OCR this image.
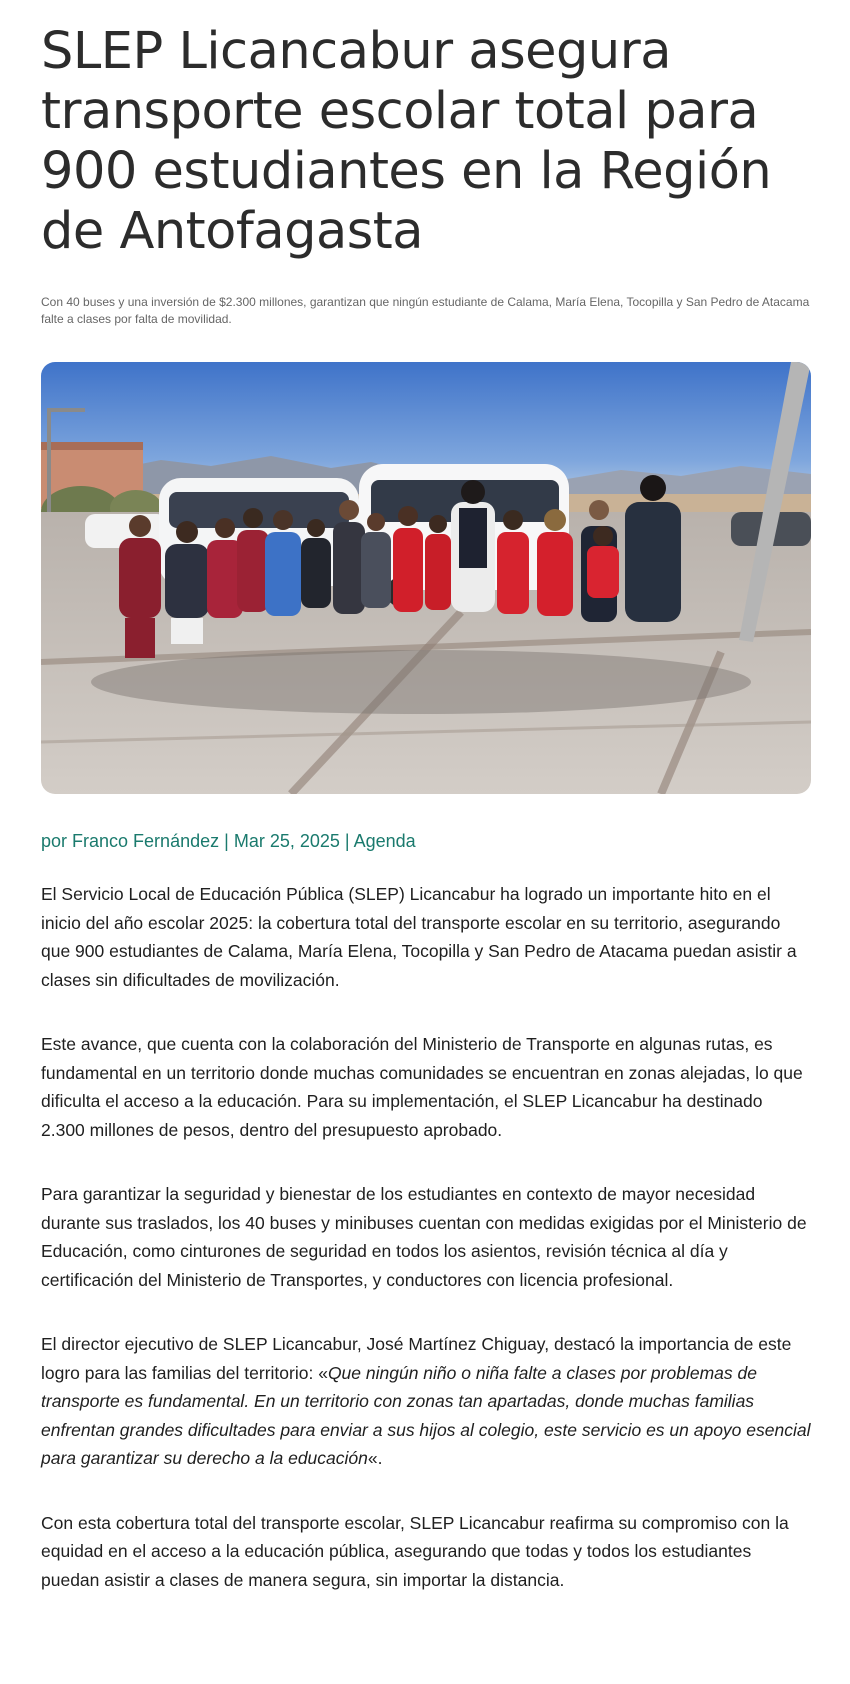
SLEP Licancabur asegura transporte escolar total para 900 estudiantes en la Región de Antofagasta

Con 40 buses y una inversión de $2.300 millones, garantizan que ningún estudiante de Calama, María Elena, Tocopilla y San Pedro de Atacama falte a clases por falta de movilidad.

por Franco Fernández | Mar 25, 2025 | Agenda

El Servicio Local de Educación Pública (SLEP) Licancabur ha logrado un importante hito en el inicio del año escolar 2025: la cobertura total del transporte escolar en su territorio, asegurando que 900 estudiantes de Calama, María Elena, Tocopilla y San Pedro de Atacama puedan asistir a clases sin dificultades de movilización.

Este avance, que cuenta con la colaboración del Ministerio de Transporte en algunas rutas, es fundamental en un territorio donde muchas comunidades se encuentran en zonas alejadas, lo que dificulta el acceso a la educación. Para su implementación, el SLEP Licancabur ha destinado 2.300 millones de pesos, dentro del presupuesto aprobado.

Para garantizar la seguridad y bienestar de los estudiantes en contexto de mayor necesidad durante sus traslados, los 40 buses y minibuses cuentan con medidas exigidas por el Ministerio de Educación, como cinturones de seguridad en todos los asientos, revisión técnica al día y certificación del Ministerio de Transportes, y conductores con licencia profesional.

El director ejecutivo de SLEP Licancabur, José Martínez Chiguay, destacó la importancia de este logro para las familias del territorio: «Que ningún niño o niña falte a clases por problemas de transporte es fundamental. En un territorio con zonas tan apartadas, donde muchas familias enfrentan grandes dificultades para enviar a sus hijos al colegio, este servicio es un apoyo esencial para garantizar su derecho a la educación«.

Con esta cobertura total del transporte escolar, SLEP Licancabur reafirma su compromiso con la equidad en el acceso a la educación pública, asegurando que todas y todos los estudiantes puedan asistir a clases de manera segura, sin importar la distancia.
